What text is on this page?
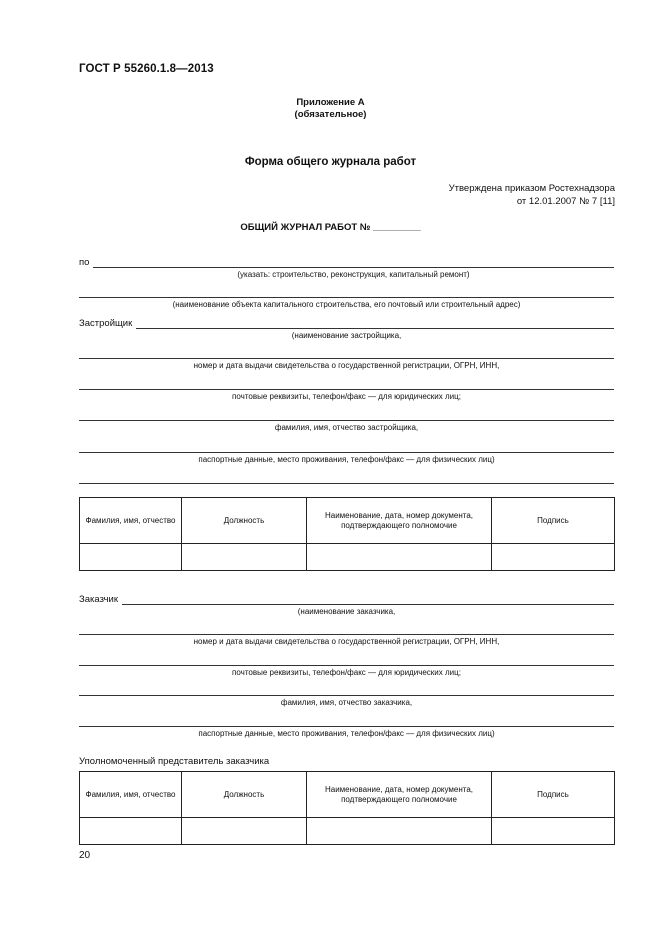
ГОСТ Р 55260.1.8—2013
Приложение А
(обязательное)
Форма общего журнала работ
Утверждена приказом Ростехнадзора
от 12.01.2007 № 7 [11]
ОБЩИЙ ЖУРНАЛ РАБОТ № _________
по
(указать: строительство, реконструкция, капитальный ремонт)
(наименование объекта капитального строительства, его почтовый или строительный адрес)
Застройщик
(наименование застройщика,
номер и дата выдачи свидетельства о государственной регистрации, ОГРН, ИНН,
почтовые реквизиты, телефон/факс — для юридических лиц;
фамилия, имя, отчество застройщика,
паспортные данные, место проживания, телефон/факс — для физических лиц)
Фамилия, имя, отчество	Должность	Наименование, дата, номер документа, подтверждающего полномочие	Подпись

Заказчик
(наименование заказчика,
номер и дата выдачи свидетельства о государственной регистрации, ОГРН, ИНН,
почтовые реквизиты, телефон/факс — для юридических лиц;
фамилия, имя, отчество заказчика,
паспортные данные, место проживания, телефон/факс — для физических лиц)
Уполномоченный представитель заказчика
Фамилия, имя, отчество	Должность	Наименование, дата, номер документа, подтверждающего полномочие	Подпись

20
